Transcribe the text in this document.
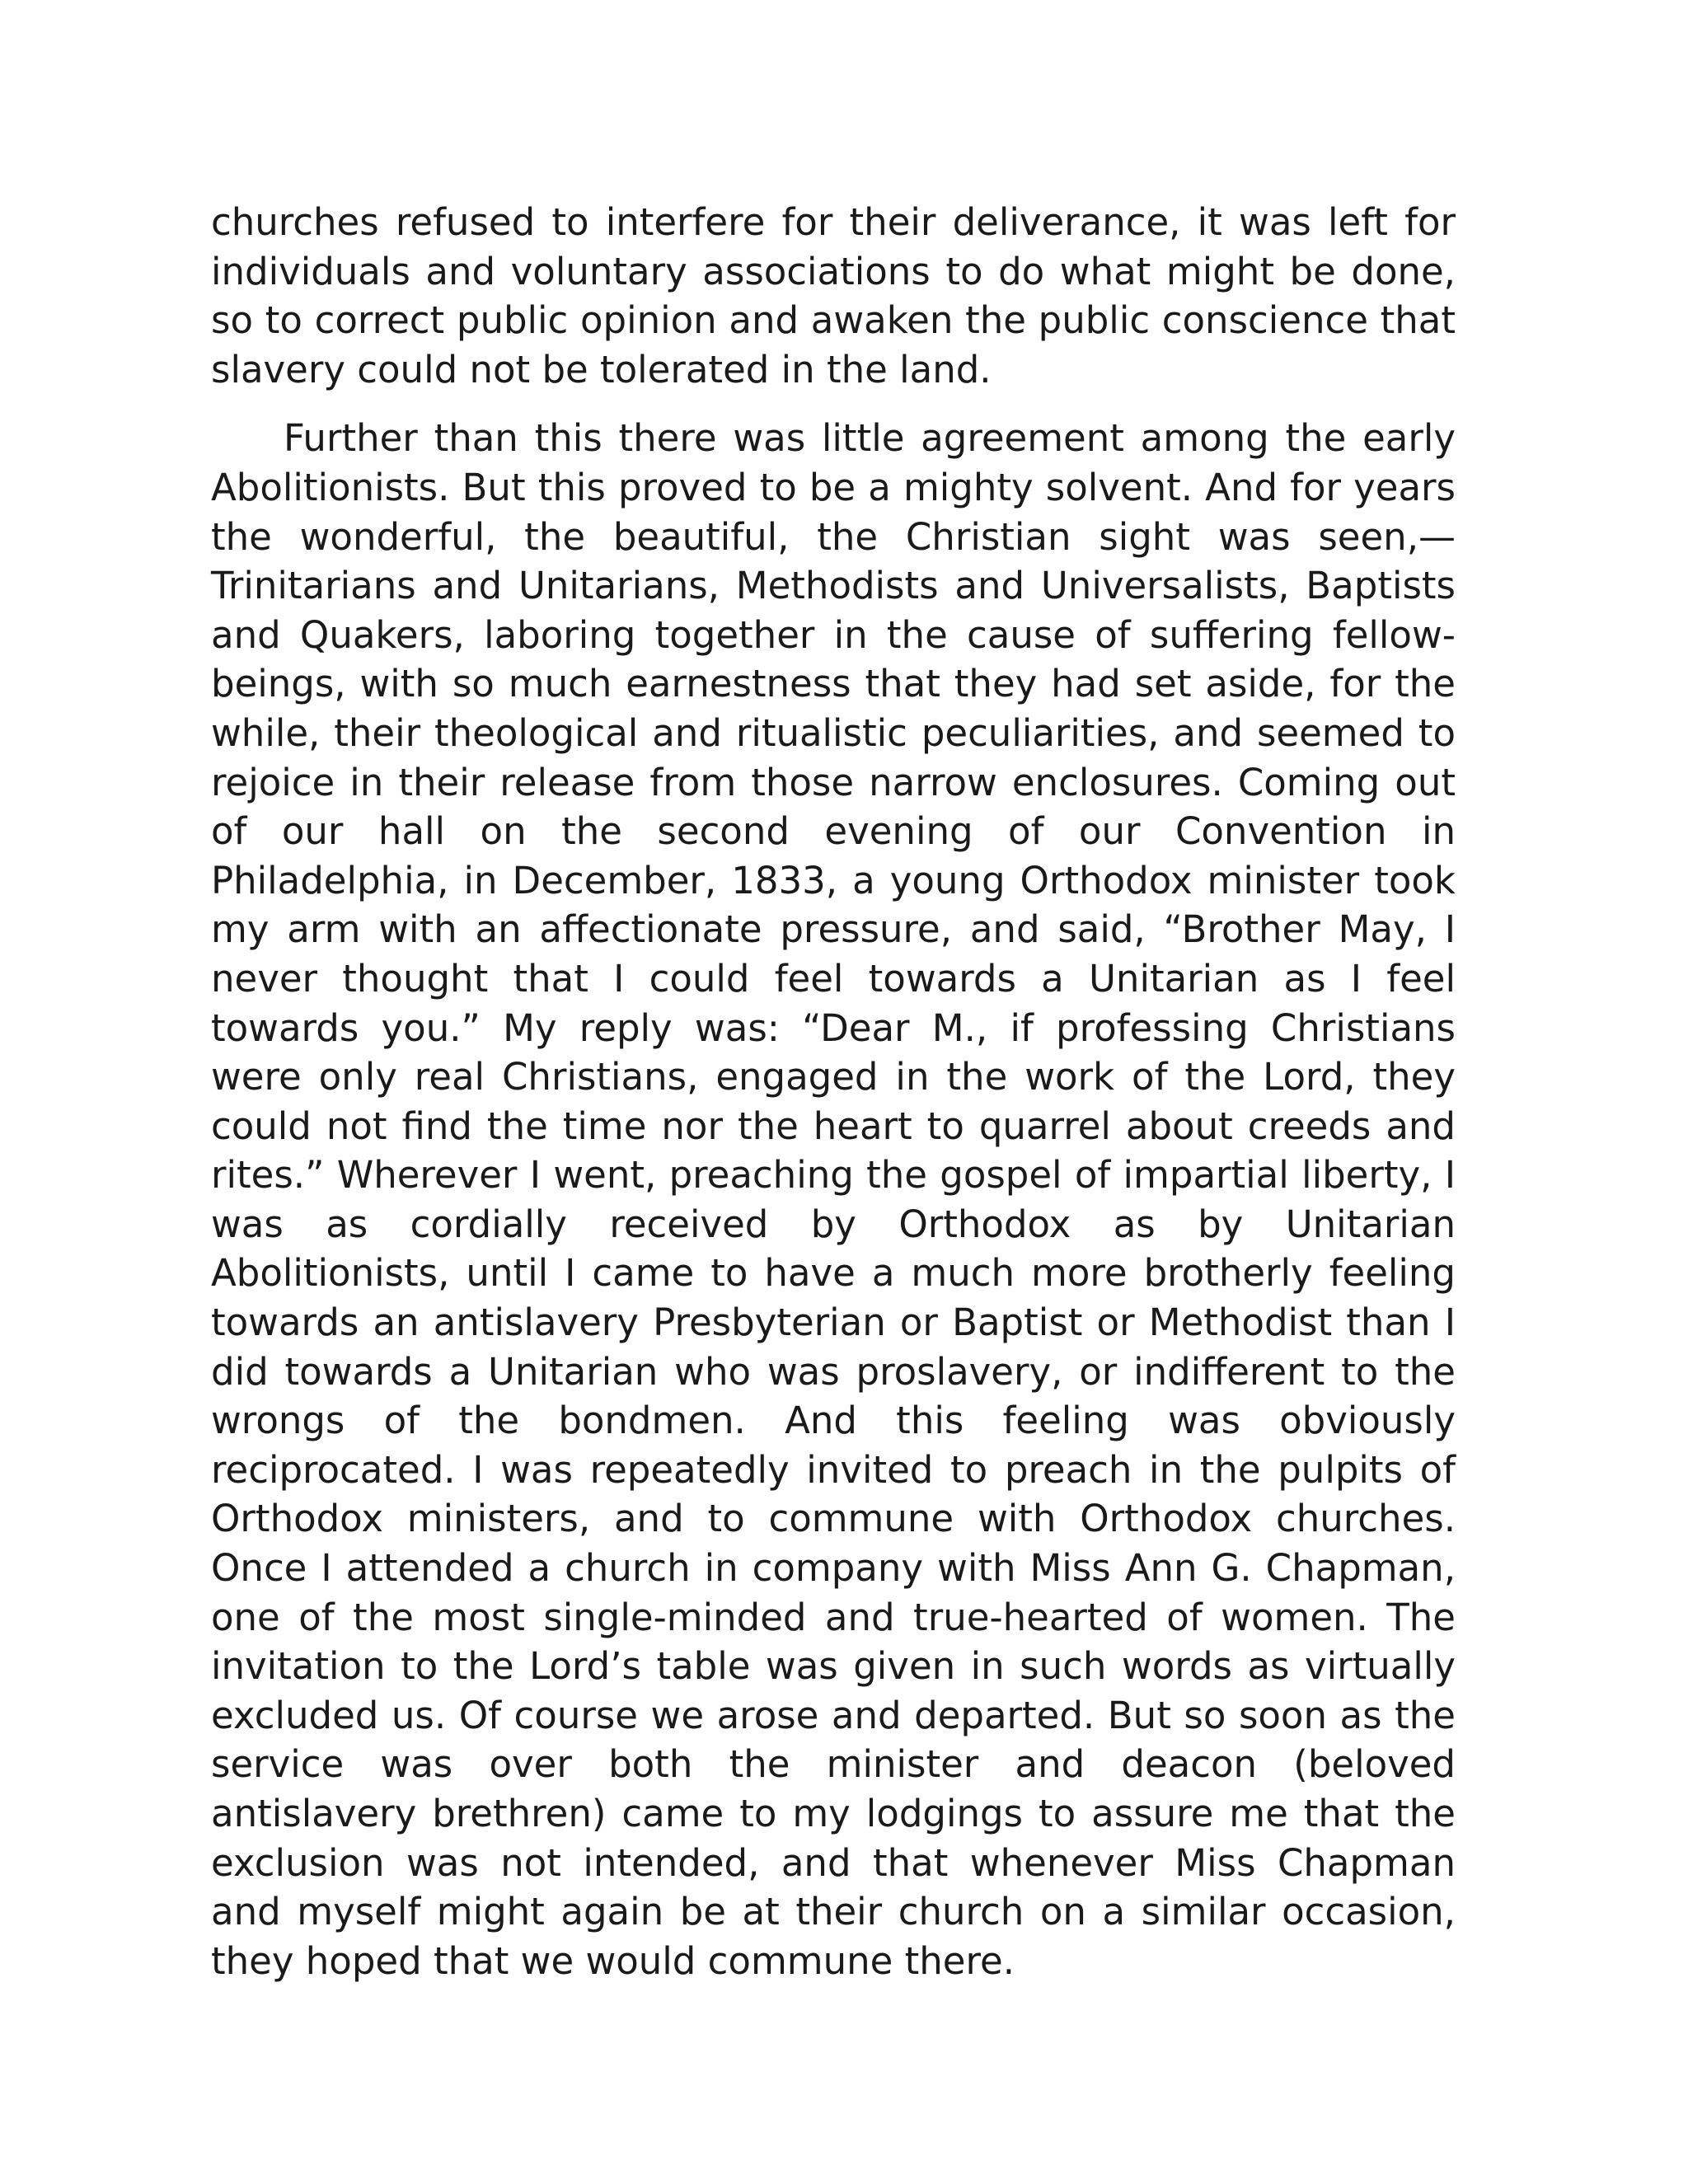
churches refused to interfere for their deliverance, it was left for individuals and voluntary associations to do what might be done, so to correct public opinion and awaken the public conscience that slavery could not be tolerated in the land.

Further than this there was little agreement among the early Abolitionists. But this proved to be a mighty solvent. And for years the wonderful, the beautiful, the Christian sight was seen,—Trinitarians and Unitarians, Methodists and Universalists, Baptists and Quakers, laboring together in the cause of suffering fellow-beings, with so much earnestness that they had set aside, for the while, their theological and ritualistic peculiarities, and seemed to rejoice in their release from those narrow enclosures. Coming out of our hall on the second evening of our Convention in Philadelphia, in December, 1833, a young Orthodox minister took my arm with an affectionate pressure, and said, “Brother May, I never thought that I could feel towards a Unitarian as I feel towards you.” My reply was: “Dear M., if professing Christians were only real Christians, engaged in the work of the Lord, they could not find the time nor the heart to quarrel about creeds and rites.” Wherever I went, preaching the gospel of impartial liberty, I was as cordially received by Orthodox as by Unitarian Abolitionists, until I came to have a much more brotherly feeling towards an antislavery Presbyterian or Baptist or Methodist than I did towards a Unitarian who was proslavery, or indifferent to the wrongs of the bondmen. And this feeling was obviously reciprocated. I was repeatedly invited to preach in the pulpits of Orthodox ministers, and to commune with Orthodox churches. Once I attended a church in company with Miss Ann G. Chapman, one of the most single-minded and true-hearted of women. The invitation to the Lord’s table was given in such words as virtually excluded us. Of course we arose and departed. But so soon as the service was over both the minister and deacon (beloved antislavery brethren) came to my lodgings to assure me that the exclusion was not intended, and that whenever Miss Chapman and myself might again be at their church on a similar occasion, they hoped that we would commune there.
